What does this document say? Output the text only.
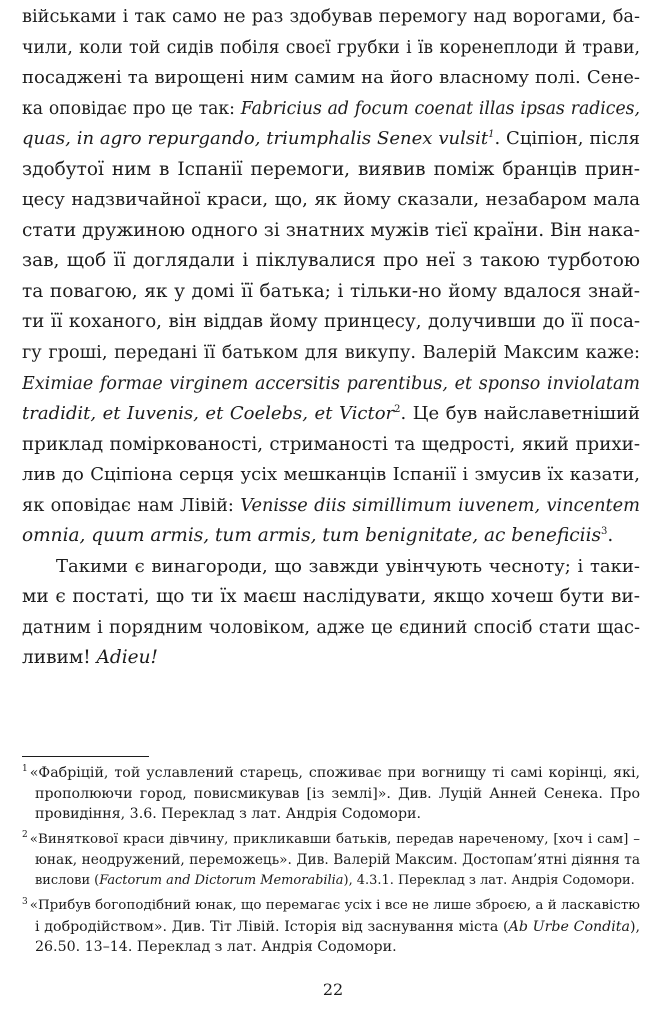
військами і так само не раз здобував перемогу над ворогами, ба-
чили, коли той сидів побіля своєї грубки і їв коренеплоди й трави,
посаджені та вирощені ним самим на його власному полі. Сене-
ка оповідає про це так: Fabricius ad focum coenat illas ipsas radices,
quas, in agro repurgando, triumphalis Senex vulsit$^1$. Сціпіон, після
здобутої ним в Іспанії перемоги, виявив поміж бранців прин-
цесу надзвичайної краси, що, як йому сказали, незабаром мала
стати дружиною одного зі знатних мужів тієї країни. Він нака-
зав, щоб її доглядали і піклувалися про неї з такою турботою
та повагою, як у домі її батька; і тільки-но йому вдалося знай-
ти її коханого, він віддав йому принцесу, долучивши до її поса-
гу гроші, передані її батьком для викупу. Валерій Максим каже:
Eximiae formae virginem accersitis parentibus, et sponso inviolatam
tradidit, et Iuvenis, et Coelebs, et Victor$^2$. Це був найславетніший
приклад поміркованості, стриманості та щедрості, який прихи-
лив до Сціпіона серця усіх мешканців Іспанії і змусив їх казати,
як оповідає нам Лівій: Venisse diis simillimum iuvenem, vincentem
omnia, quum armis, tum armis, tum benignitate, ac beneficiis$^3$.
Такими є винагороди, що завжди увінчують чесноту; і таки-
ми є постаті, що ти їх маєш наслідувати, якщо хочеш бути ви-
датним і порядним чоловіком, адже це єдиний спосіб стати щас-
ливим! Adieu!
$^1$ «Фабріцій, той уславлений старець, споживає при вогнищу ті самі корінці, які,
прополюючи город, повисмикував [із землі]». Див. Луцій Анней Сенека. Про
провидіння, 3.6. Переклад з лат. Андрія Содомори.
$^2$ «Виняткової краси дівчину, прикликавши батьків, передав нареченому, [хоч і сам] –
юнак, неодружений, переможець». Див. Валерій Максим. Достопам’ятні діяння та
вислови (Factorum and Dictorum Memorabilia), 4.3.1. Переклад з лат. Андрія Содомори.
$^3$ «Прибув богоподібний юнак, що перемагає усіх і все не лише зброєю, а й ласкавістю
і добродійством». Див. Тіт Лівій. Історія від заснування міста (Ab Urbe Condita),
26.50. 13–14. Переклад з лат. Андрія Содомори.
22
